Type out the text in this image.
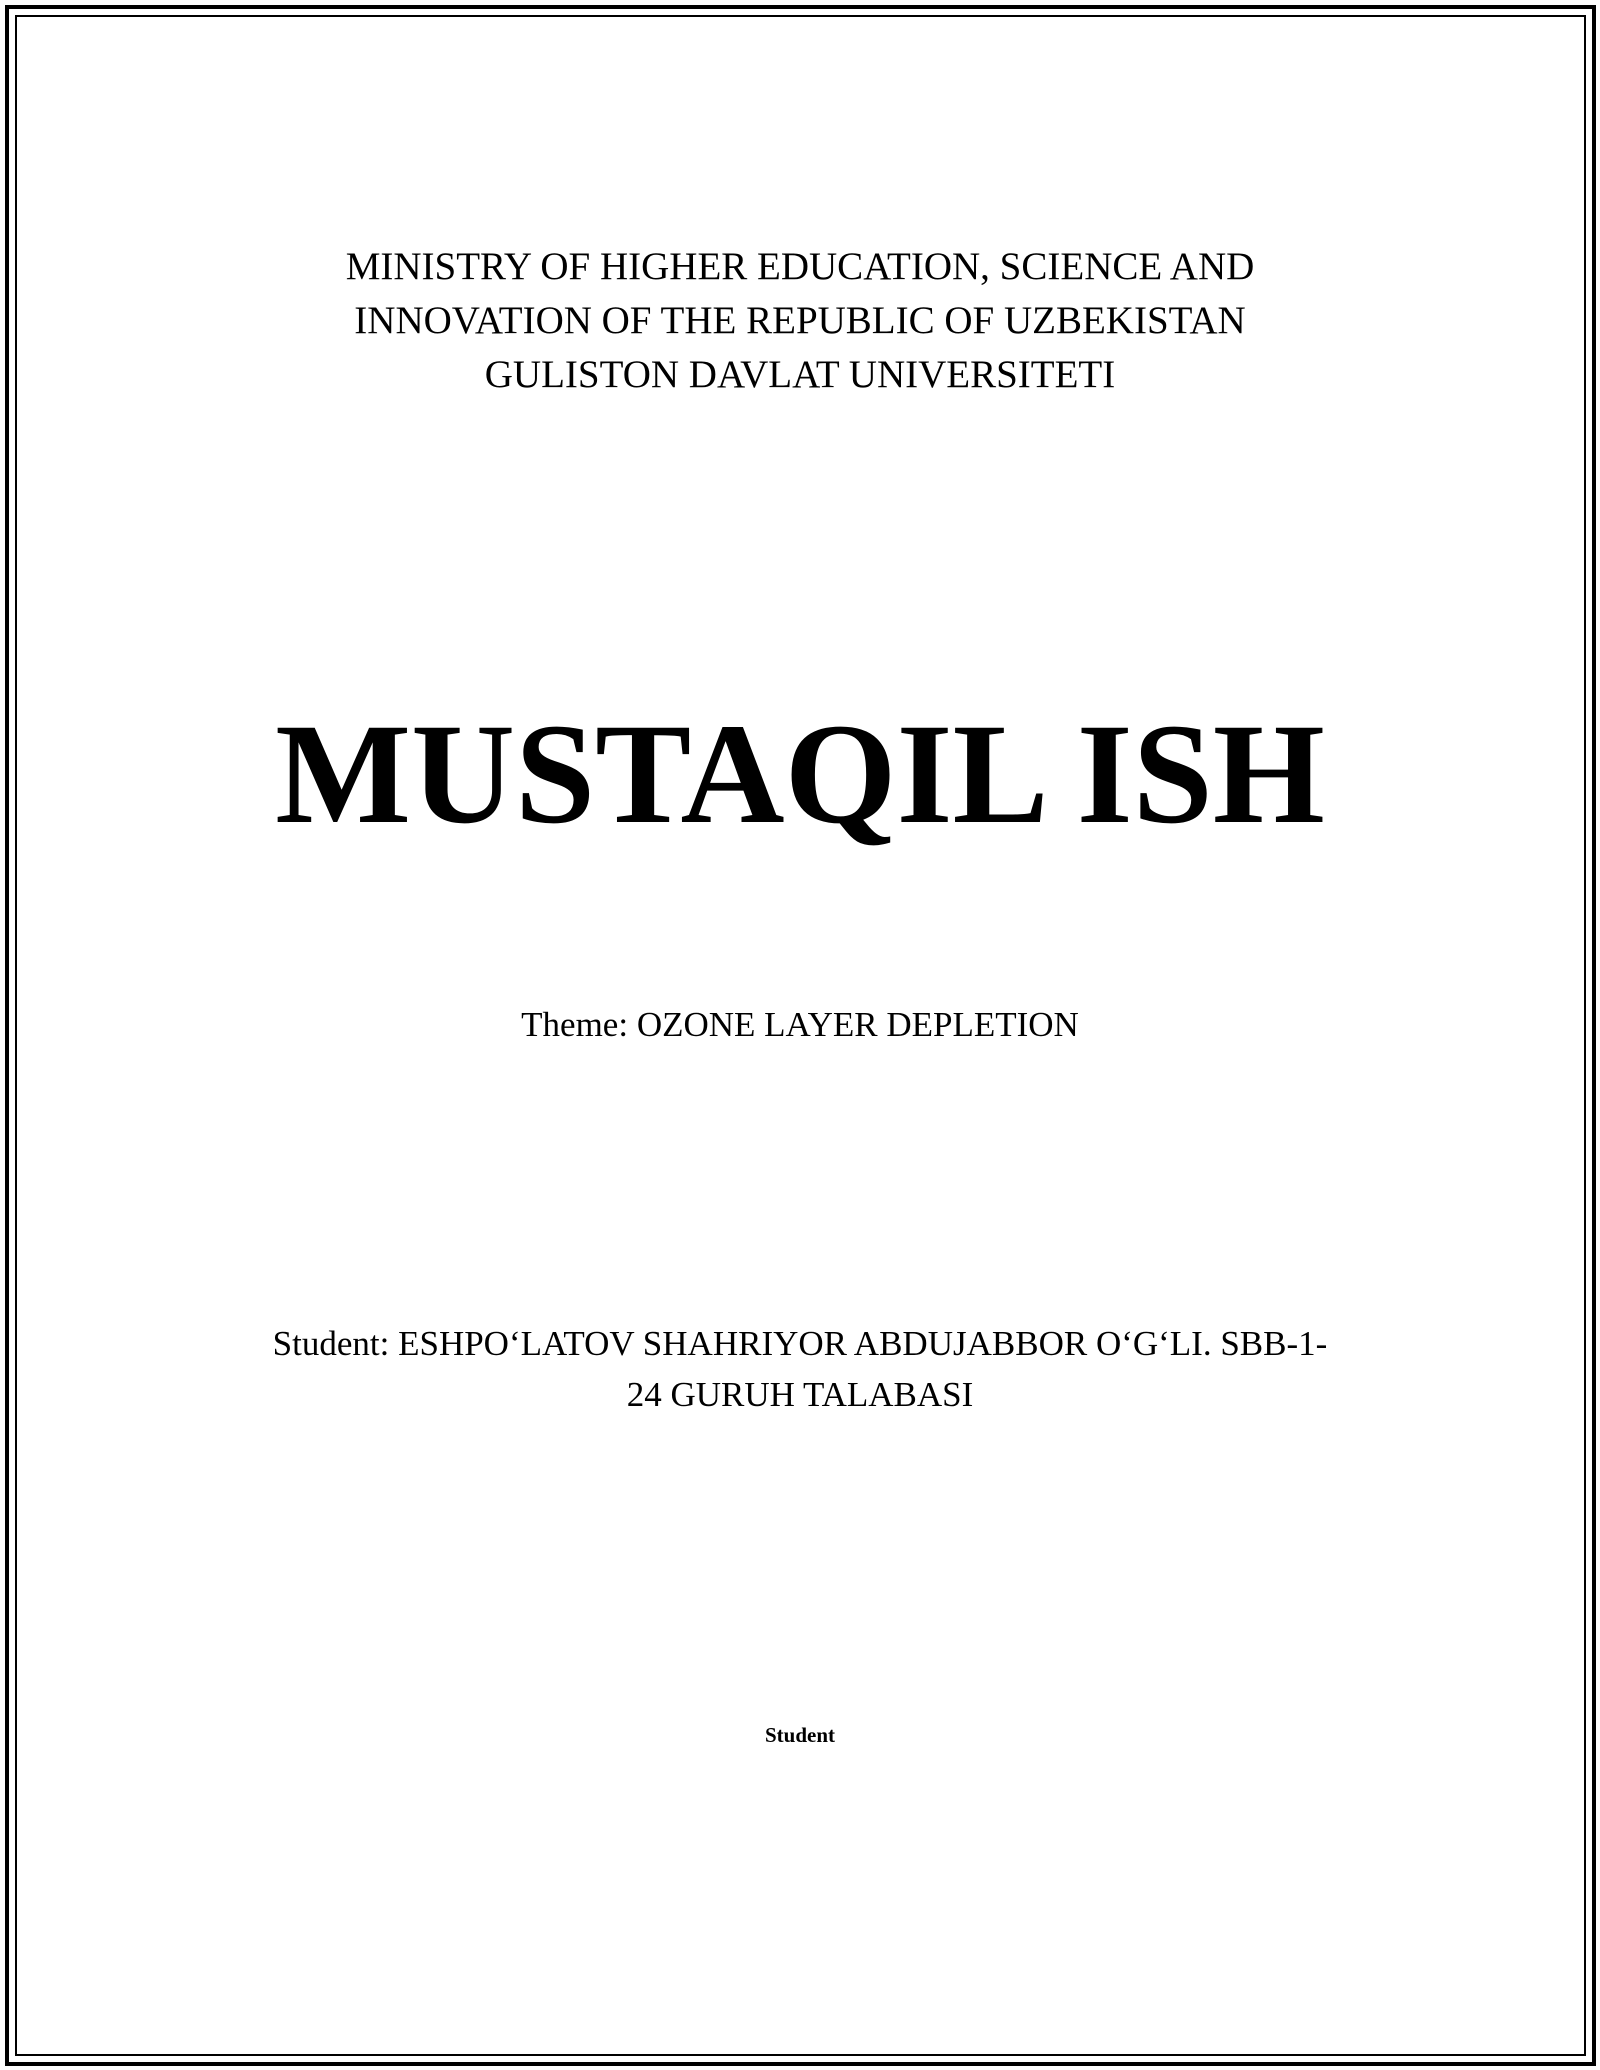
MINISTRY OF HIGHER EDUCATION, SCIENCE AND
INNOVATION OF THE REPUBLIC OF UZBEKISTAN
GULISTON DAVLAT UNIVERSITETI
MUSTAQIL ISH
Theme: OZONE LAYER DEPLETION
Student: ESHPO‘LATOV SHAHRIYOR ABDUJABBOR O‘G‘LI. SBB-1-
24 GURUH TALABASI
Student
